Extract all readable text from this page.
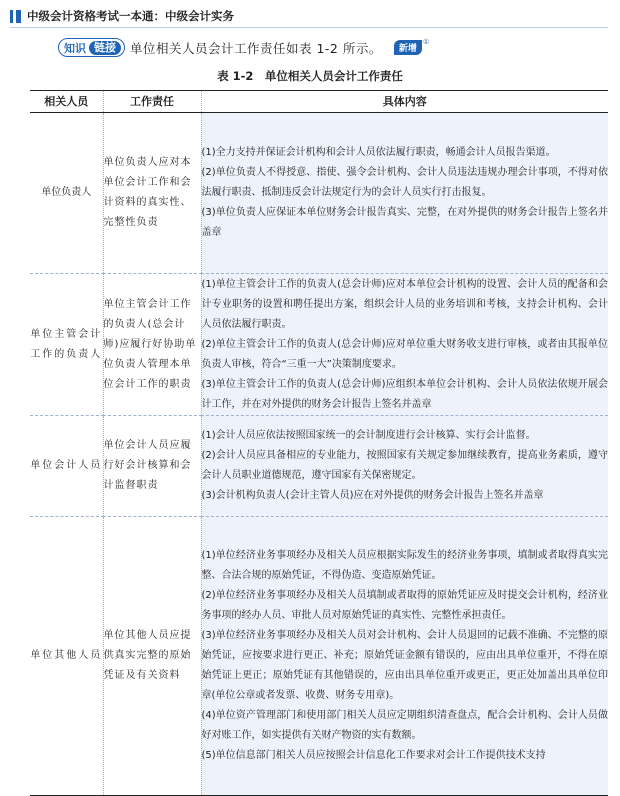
中级会计资格考试一本通：中级会计实务
知识 链接	单位相关人员会计工作责任如表 1-2 所示。	新增
①
表 1-2　单位相关人员会计工作责任
相关人员	工作责任	具体内容
单位负责人	单位负责人应对本单位会计工作和会计资料的真实性、完整性负责	(1)全力支持并保证会计机构和会计人员依法履行职责，畅通会计人员报告渠道。
(2)单位负责人不得授意、指使、强令会计机构、会计人员违法违规办理会计事项，不得对依法履行职责、抵制违反会计法规定行为的会计人员实行打击报复。
(3)单位负责人应保证本单位财务会计报告真实、完整，在对外提供的财务会计报告上签名并盖章

单位主管会计工作的负责人	单位主管会计工作的负责人(总会计师)应履行好协助单位负责人管理本单位会计工作的职责	(1)单位主管会计工作的负责人(总会计师)应对本单位会计机构的设置、会计人员的配备和会计专业职务的设置和聘任提出方案，组织会计人员的业务培训和考核，支持会计机构、会计人员依法履行职责。
(2)单位主管会计工作的负责人(总会计师)应对单位重大财务收支进行审核，或者由其报单位负责人审核，符合“三重一大”决策制度要求。
(3)单位主管会计工作的负责人(总会计师)应组织本单位会计机构、会计人员依法依规开展会计工作，并在对外提供的财务会计报告上签名并盖章

单位会计人员	单位会计人员应履行好会计核算和会计监督职责	(1)会计人员应依法按照国家统一的会计制度进行会计核算、实行会计监督。
(2)会计人员应具备相应的专业能力，按照国家有关规定参加继续教育，提高业务素质，遵守会计人员职业道德规范，遵守国家有关保密规定。
(3)会计机构负责人(会计主管人员)应在对外提供的财务会计报告上签名并盖章

单位其他人员	单位其他人员应提供真实完整的原始凭证及有关资料	(1)单位经济业务事项经办及相关人员应根据实际发生的经济业务事项，填制或者取得真实完整、合法合规的原始凭证，不得伪造、变造原始凭证。
(2)单位经济业务事项经办及相关人员填制或者取得的原始凭证应及时提交会计机构，经济业务事项的经办人员、审批人员对原始凭证的真实性、完整性承担责任。
(3)单位经济业务事项经办及相关人员对会计机构、会计人员退回的记载不准确、不完整的原始凭证，应按要求进行更正、补充；原始凭证金额有错误的，应由出具单位重开，不得在原始凭证上更正；原始凭证有其他错误的，应由出具单位重开或更正，更正处加盖出具单位印章(单位公章或者发票、收费、财务专用章)。
(4)单位资产管理部门和使用部门相关人员应定期组织清查盘点，配合会计机构、会计人员做好对账工作，如实提供有关财产物资的实有数额。
(5)单位信息部门相关人员应按照会计信息化工作要求对会计工作提供技术支持
